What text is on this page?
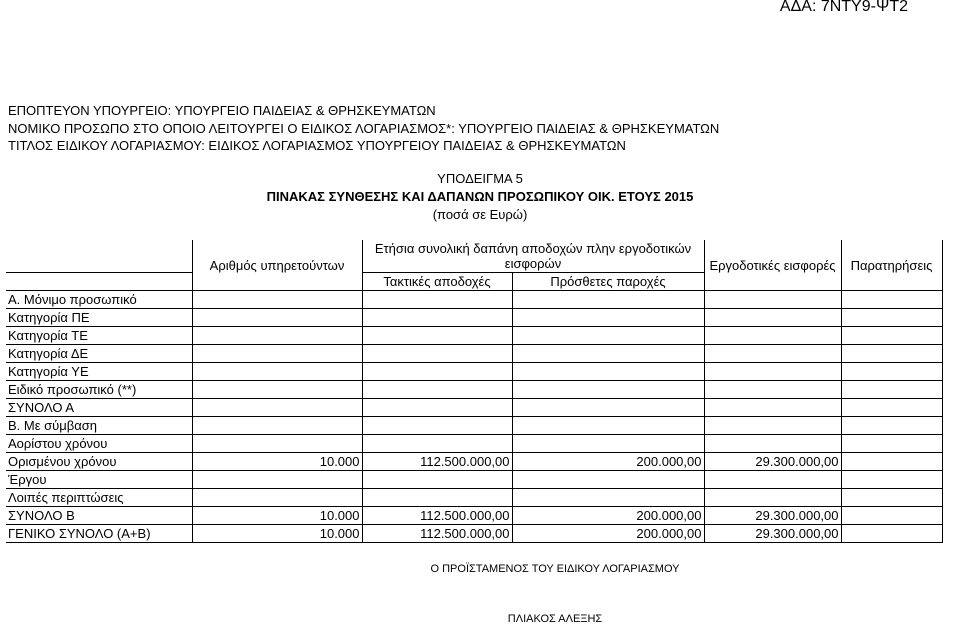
ΑΔΑ: 7ΝΤΥ9-ΨΤ2
ΕΠΟΠΤΕΥΟΝ ΥΠΟΥΡΓΕΙΟ: ΥΠΟΥΡΓΕΙΟ ΠΑΙΔΕΙΑΣ & ΘΡΗΣΚΕΥΜΑΤΩΝ
ΝΟΜΙΚΟ ΠΡΟΣΩΠΟ ΣΤΟ ΟΠΟΙΟ ΛΕΙΤΟΥΡΓΕΙ Ο ΕΙΔΙΚΟΣ ΛΟΓΑΡΙΑΣΜΟΣ*: ΥΠΟΥΡΓΕΙΟ ΠΑΙΔΕΙΑΣ & ΘΡΗΣΚΕΥΜΑΤΩΝ
ΤΙΤΛΟΣ ΕΙΔΙΚΟΥ ΛΟΓΑΡΙΑΣΜΟΥ: ΕΙΔΙΚΟΣ ΛΟΓΑΡΙΑΣΜΟΣ ΥΠΟΥΡΓΕΙΟΥ ΠΑΙΔΕΙΑΣ & ΘΡΗΣΚΕΥΜΑΤΩΝ
ΥΠΟΔΕΙΓΜΑ 5
ΠΙΝΑΚΑΣ ΣΥΝΘΕΣΗΣ ΚΑΙ ΔΑΠΑΝΩΝ ΠΡΟΣΩΠΙΚΟΥ ΟΙΚ. ΕΤΟΥΣ 2015
(ποσά σε Ευρώ)
	Αριθμός υπηρετούντων	Ετήσια συνολική δαπάνη αποδοχών πλην εργοδοτικών εισφορών		Εργοδοτικές εισφορές	Παρατηρήσεις
		Τακτικές αποδοχές	Πρόσθετες παροχές		
Α. Μόνιμο προσωπικό					
Κατηγορία ΠΕ					
Κατηγορία ΤΕ					
Κατηγορία ΔΕ					
Κατηγορία ΥΕ					
Ειδικό προσωπικό (**)					
ΣΥΝΟΛΟ Α					
Β. Με σύμβαση					
Αορίστου χρόνου					
Ορισμένου χρόνου	10.000	112.500.000,00	200.000,00	29.300.000,00	
Έργου					
Λοιπές περιπτώσεις					
ΣΥΝΟΛΟ Β	10.000	112.500.000,00	200.000,00	29.300.000,00	
ΓΕΝΙΚΟ ΣΥΝΟΛΟ (Α+Β)	10.000	112.500.000,00	200.000,00	29.300.000,00	
Ο ΠΡΟΪΣΤΑΜΕΝΟΣ ΤΟΥ ΕΙΔΙΚΟΥ ΛΟΓΑΡΙΑΣΜΟΥ
ΠΛΙΑΚΟΣ ΑΛΕΞΗΣ
